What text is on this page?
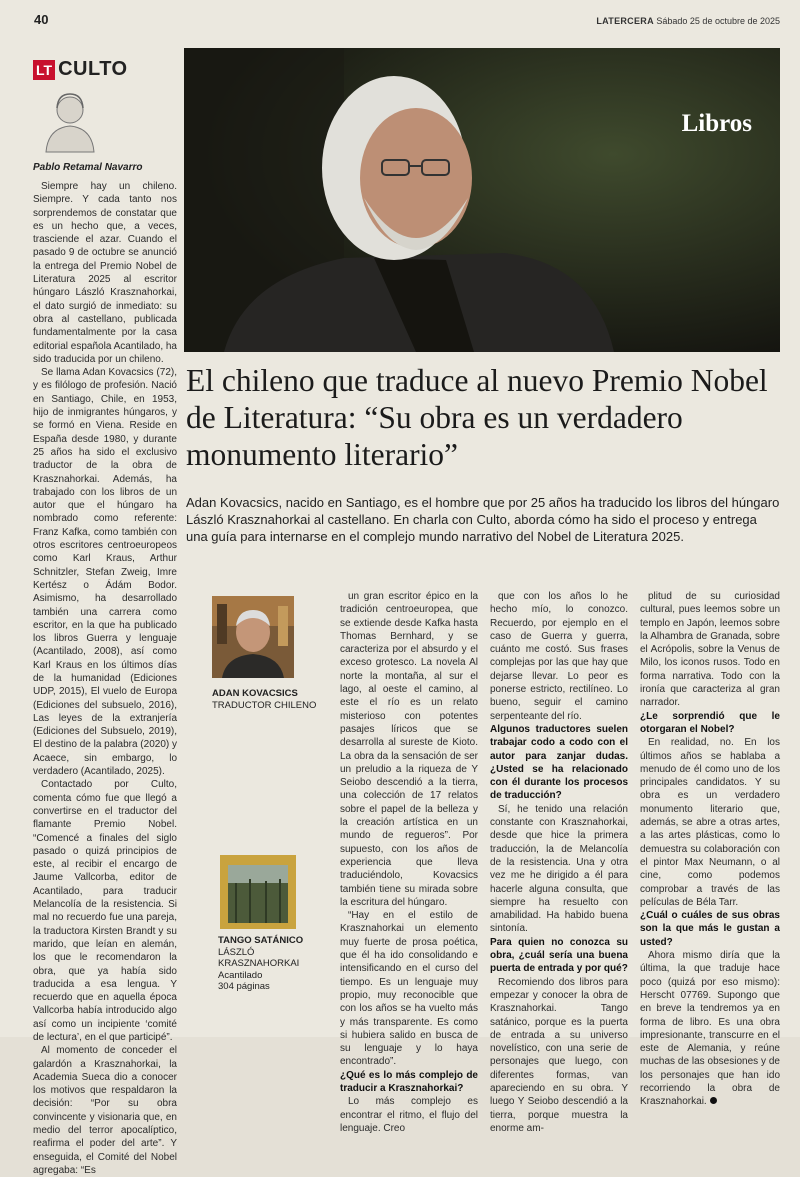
40	LATERCERA Sábado 25 de octubre de 2025
LT CULTO
Pablo Retamal Navarro
Libros
El chileno que traduce al nuevo Premio Nobel de Literatura: “Su obra es un verdadero monumento literario”

Adan Kovacsics, nacido en Santiago, es el hombre que por 25 años ha traducido los libros del húngaro László Krasznahorkai al castellano. En charla con Culto, aborda cómo ha sido el proceso y entrega una guía para internarse en el complejo mundo narrativo del Nobel de Literatura 2025.

Siempre hay un chileno. Siempre. Y cada tanto nos sorprendemos de constatar que es un hecho que, a veces, trasciende el azar. Cuando el pasado 9 de octubre se anunció la entrega del Premio Nobel de Literatura 2025 al escritor húngaro László Krasznahorkai, el dato surgió de inmediato: su obra al castellano, publicada fundamentalmente por la casa editorial española Acantilado, ha sido traducida por un chileno.

Se llama Adan Kovacsics (72), y es filólogo de profesión. Nació en Santiago, Chile, en 1953, hijo de inmigrantes húngaros, y se formó en Viena. Reside en España desde 1980, y durante 25 años ha sido el exclusivo traductor de la obra de Krasznahorkai. Además, ha trabajado con los libros de un autor que el húngaro ha nombrado como referente: Franz Kafka, como también con otros escritores centroeuropeos como Karl Kraus, Arthur Schnitzler, Stefan Zweig, Imre Kertész o Ádám Bodor. Asimismo, ha desarrollado también una carrera como escritor, en la que ha publicado los libros Guerra y lenguaje (Acantilado, 2008), así como Karl Kraus en los últimos días de la humanidad (Ediciones UDP, 2015), El vuelo de Europa (Ediciones del subsuelo, 2016), Las leyes de la extranjería (Ediciones del Subsuelo, 2019), El destino de la palabra (2020) y Acaece, sin embargo, lo verdadero (Acantilado, 2025).

Contactado por Culto, comenta cómo fue que llegó a convertirse en el traductor del flamante Premio Nobel. “Comencé a finales del siglo pasado o quizá principios de este, al recibir el encargo de Jaume Vallcorba, editor de Acantilado, para traducir Melancolía de la resistencia. Si mal no recuerdo fue una pareja, la traductora Kirsten Brandt y su marido, que leían en alemán, los que le recomendaron la obra, que ya había sido traducida a esa lengua. Y recuerdo que en aquella época Vallcorba había introducido algo así como un incipiente ‘comité de lectura’, en el que participé”.

Al momento de conceder el galardón a Krasznahorkai, la Academia Sueca dio a conocer los motivos que respaldaron la decisión: “Por su obra convincente y visionaria que, en medio del terror apocalíptico, reafirma el poder del arte”. Y enseguida, el Comité del Nobel agregaba: “Es

ADAN KOVACSICS
TRADUCTOR CHILENO
TANGO SATÁNICO
LÁSZLÓ KRASZNAHORKAI
Acantilado
304 páginas

un gran escritor épico en la tradición centroeuropea, que se extiende desde Kafka hasta Thomas Bernhard, y se caracteriza por el absurdo y el exceso grotesco. La novela Al norte la montaña, al sur el lago, al oeste el camino, al este el río es un relato misterioso con potentes pasajes líricos que se desarrolla al sureste de Kioto. La obra da la sensación de ser un preludio a la riqueza de Y Seiobo descendió a la tierra, una colección de 17 relatos sobre el papel de la belleza y la creación artística en un mundo de regueros”. Por supuesto, con los años de experiencia que lleva traduciéndolo, Kovacsics también tiene su mirada sobre la escritura del húngaro.

“Hay en el estilo de Krasznahorkai un elemento muy fuerte de prosa poética, que él ha ido consolidando e intensificando en el curso del tiempo. Es un lenguaje muy propio, muy reconocible que con los años se ha vuelto más y más transparente. Es como si hubiera salido en busca de su lenguaje y lo haya encontrado”.

¿Qué es lo más complejo de traducir a Krasznahorkai?

Lo más complejo es encontrar el ritmo, el flujo del lenguaje. Creo

que con los años lo he hecho mío, lo conozco. Recuerdo, por ejemplo en el caso de Guerra y guerra, cuánto me costó. Sus frases complejas por las que hay que dejarse llevar. Lo peor es ponerse estricto, rectilíneo. Lo bueno, seguir el camino serpenteante del río.

Algunos traductores suelen trabajar codo a codo con el autor para zanjar dudas. ¿Usted se ha relacionado con él durante los procesos de traducción?

Sí, he tenido una relación constante con Krasznahorkai, desde que hice la primera traducción, la de Melancolía de la resistencia. Una y otra vez me he dirigido a él para hacerle alguna consulta, que siempre ha resuelto con amabilidad. Ha habido buena sintonía.

Para quien no conozca su obra, ¿cuál sería una buena puerta de entrada y por qué?

Recomiendo dos libros para empezar y conocer la obra de Krasznahorkai. Tango satánico, porque es la puerta de entrada a su universo novelístico, con una serie de personajes que luego, con diferentes formas, van apareciendo en su obra. Y luego Y Seiobo descendió a la tierra, porque muestra la enorme am-

plitud de su curiosidad cultural, pues leemos sobre un templo en Japón, leemos sobre la Alhambra de Granada, sobre el Acrópolis, sobre la Venus de Milo, los iconos rusos. Todo en forma narrativa. Todo con la ironía que caracteriza al gran narrador.

¿Le sorprendió que le otorgaran el Nobel?

En realidad, no. En los últimos años se hablaba a menudo de él como uno de los principales candidatos. Y su obra es un verdadero monumento literario que, además, se abre a otras artes, a las artes plásticas, como lo demuestra su colaboración con el pintor Max Neumann, o al cine, como podemos comprobar a través de las películas de Béla Tarr.

¿Cuál o cuáles de sus obras son la que más le gustan a usted?

Ahora mismo diría que la última, la que traduje hace poco (quizá por eso mismo): Herscht 07769. Supongo que en breve la tendremos ya en forma de libro. Es una obra impresionante, transcurre en el este de Alemania, y reúne muchas de las obsesiones y de los personajes que han ido recorriendo la obra de Krasznahorkai.
